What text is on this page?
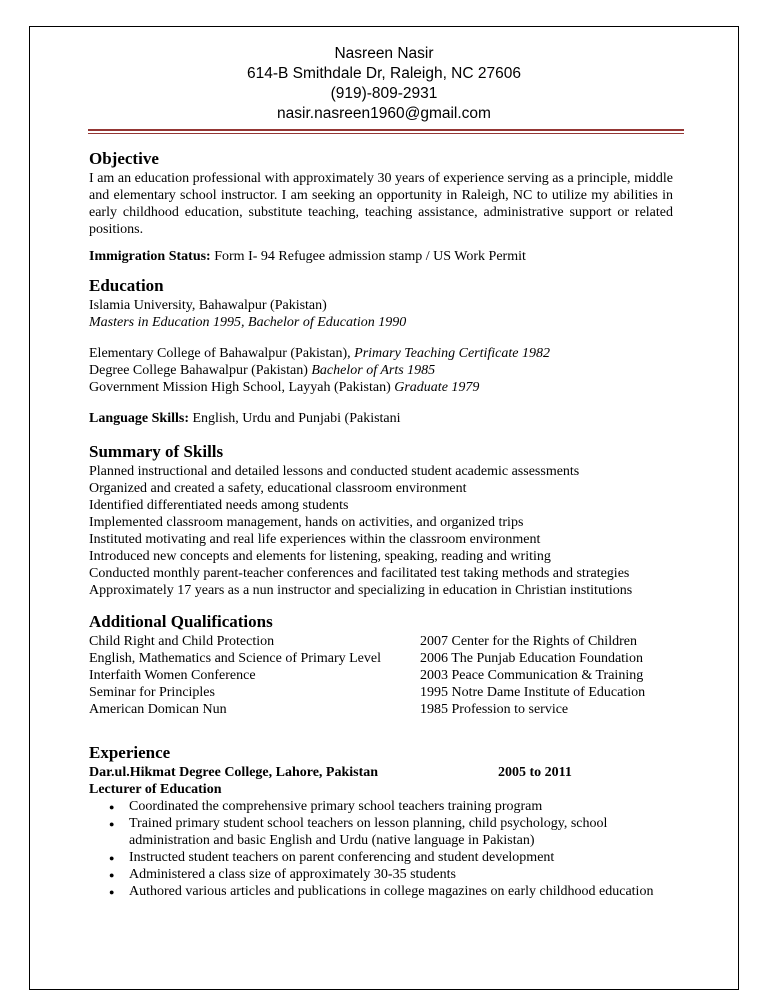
Nasreen Nasir
614-B Smithdale Dr, Raleigh, NC 27606
(919)-809-2931
nasir.nasreen1960@gmail.com
Objective

I am an education professional with approximately 30 years of experience serving as a principle, middle and elementary school instructor. I am seeking an opportunity in Raleigh, NC to utilize my abilities in early childhood education, substitute teaching, teaching assistance, administrative support or related positions.

Immigration Status: Form I- 94 Refugee admission stamp / US Work Permit

Education

Islamia University, Bahawalpur (Pakistan)

Masters in Education 1995, Bachelor of Education 1990

Elementary College of Bahawalpur (Pakistan), Primary Teaching Certificate 1982

Degree College Bahawalpur (Pakistan) Bachelor of Arts 1985

Government Mission High School, Layyah (Pakistan) Graduate 1979

Language Skills: English, Urdu and Punjabi (Pakistani

Summary of Skills

Planned instructional and detailed lessons and conducted student academic assessments

Organized and created a safety, educational classroom environment

Identified differentiated needs among students

Implemented classroom management, hands on activities, and organized trips

Instituted motivating and real life experiences within the classroom environment

Introduced new concepts and elements for listening, speaking, reading and writing

Conducted monthly parent-teacher conferences and facilitated test taking methods and strategies

Approximately 17 years as a nun instructor and specializing in education in Christian institutions

Additional Qualifications
Child Right and Child Protection	2007 Center for the Rights of Children
English, Mathematics and Science of Primary Level	2006 The Punjab Education Foundation
Interfaith Women Conference	2003 Peace Communication & Training
Seminar for Principles	1995 Notre Dame Institute of Education
American Domican Nun	1985 Profession to service
Experience
Dar.ul.Hikmat Degree College, Lahore, Pakistan	2005 to 2011

Lecturer of Education

● Coordinated the comprehensive primary school teachers training program
● Trained primary student school teachers on lesson planning, child psychology, school administration and basic English and Urdu (native language in Pakistan)
● Instructed student teachers on parent conferencing and student development
● Administered a class size of approximately 30-35 students
● Authored various articles and publications in college magazines on early childhood education
